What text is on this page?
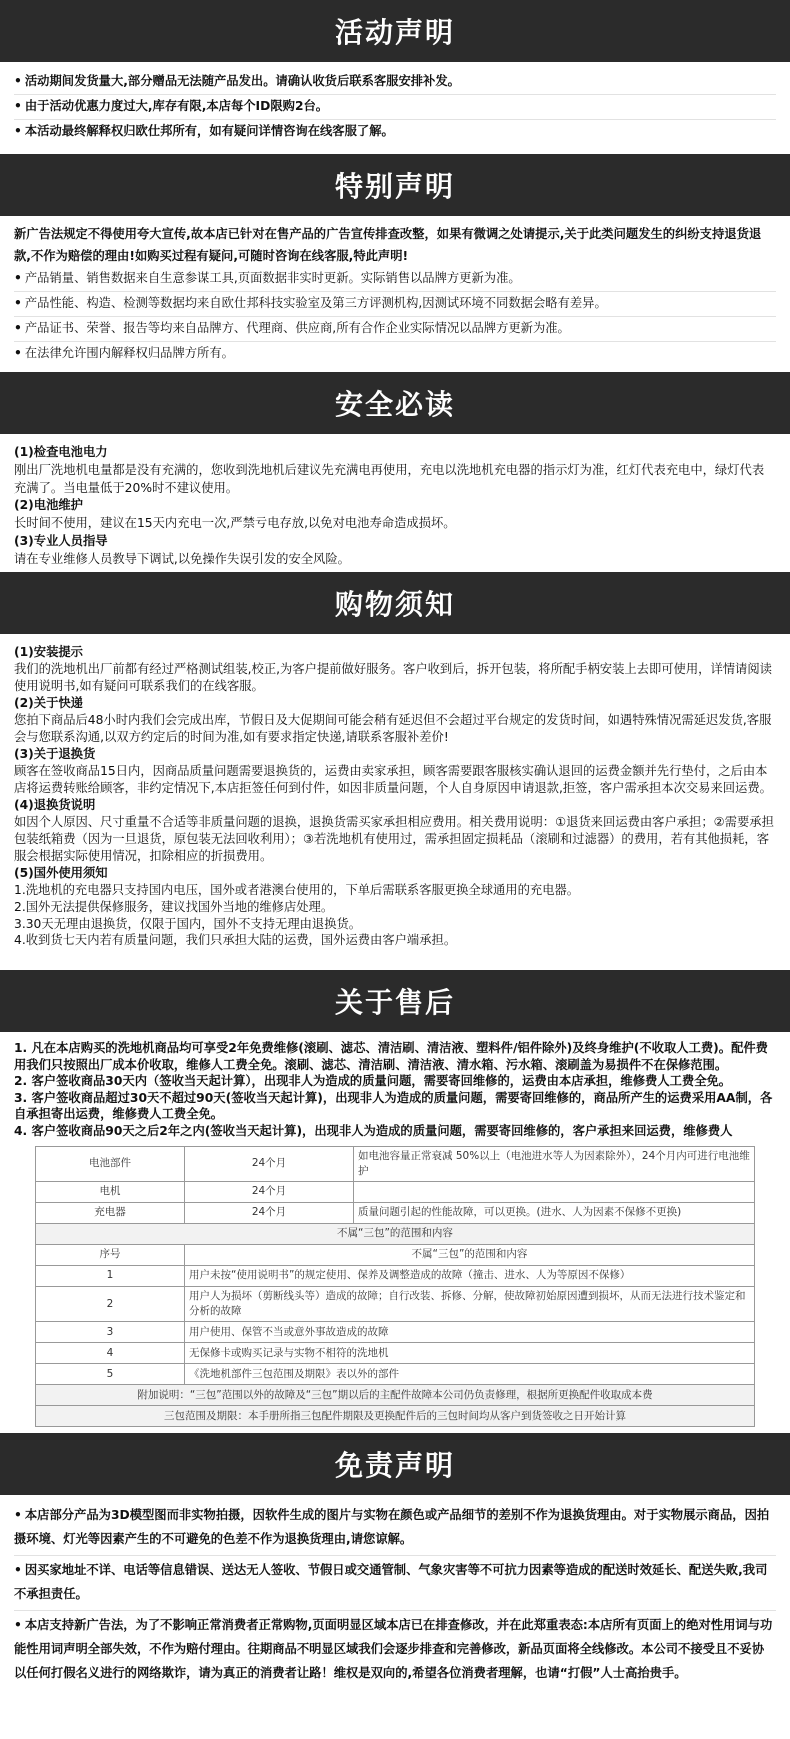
活动声明
• 活动期间发货量大,部分赠品无法随产品发出。请确认收货后联系客服安排补发。
• 由于活动优惠力度过大,库存有限,本店每个ID限购2台。
• 本活动最终解释权归欧仕邦所有，如有疑问详情咨询在线客服了解。
特别声明
新广告法规定不得使用夸大宣传,故本店已针对在售产品的广告宣传排查改整，如果有微调之处请提示,关于此类问题发生的纠纷支持退货退款,不作为赔偿的理由!如购买过程有疑问,可随时咨询在线客服,特此声明!
• 产品销量、销售数据来自生意参谋工具,页面数据非实时更新。实际销售以品牌方更新为准。
• 产品性能、构造、检测等数据均来自欧仕邦科技实验室及第三方评测机构,因测试环境不同数据会略有差异。
• 产品证书、荣誉、报告等均来自品牌方、代理商、供应商,所有合作企业实际情况以品牌方更新为准。
• 在法律允许围内解释权归品牌方所有。
安全必读

(1)检查电池电力

刚出厂洗地机电量都是没有充满的，您收到洗地机后建议先充满电再使用，充电以洗地机充电器的指示灯为准，红灯代表充电中，绿灯代表充满了。当电量低于20%时不建议使用。

(2)电池维护

长时间不使用，建议在15天内充电一次,严禁亏电存放,以免对电池寿命造成损坏。

(3)专业人员指导

请在专业维修人员教导下调试,以免操作失误引发的安全风险。

购物须知

(1)安装提示

我们的洗地机出厂前都有经过严格测试组装,校正,为客户提前做好服务。客户收到后，拆开包装，将所配手柄安装上去即可使用，详情请阅读使用说明书,如有疑问可联系我们的在线客服。

(2)关于快递

您拍下商品后48小时内我们会完成出库，节假日及大促期间可能会稍有延迟但不会超过平台规定的发货时间，如遇特殊情况需延迟发货,客服会与您联系沟通,以双方约定后的时间为准,如有要求指定快递,请联系客服补差价!

(3)关于退换货

顾客在签收商品15日内，因商品质量问题需要退换货的，运费由卖家承担，顾客需要跟客服核实确认退回的运费金额并先行垫付，之后由本店将运费转账给顾客，非约定情况下,本店拒签任何到付件，如因非质量问题，个人自身原因申请退款,拒签，客户需承担本次交易来回运费。

(4)退换货说明

如因个人原因、尺寸重量不合适等非质量问题的退换，退换货需买家承担相应费用。相关费用说明：①退货来回运费由客户承担；②需要承担包装纸箱费（因为一旦退货，原包装无法回收利用）；③若洗地机有使用过，需承担固定损耗品（滚刷和过滤器）的费用，若有其他损耗，客服会根据实际使用情况，扣除相应的折损费用。

(5)国外使用须知

1.洗地机的充电器只支持国内电压，国外或者港澳台使用的，下单后需联系客服更换全球通用的充电器。
2.国外无法提供保修服务，建议找国外当地的维修店处理。
3.30天无理由退换货，仅限于国内，国外不支持无理由退换货。
4.收到货七天内若有质量问题，我们只承担大陆的运费，国外运费由客户端承担。

关于售后
1. 凡在本店购买的洗地机商品均可享受2年免费维修(滚刷、滤芯、清洁刷、清洁液、塑料件/铝件除外)及终身维护(不收取人工费)。配件费用我们只按照出厂成本价收取，维修人工费全免。滚刷、滤芯、清洁刷、清洁液、清水箱、污水箱、滚刷盖为易损件不在保修范围。
2. 客户签收商品30天内（签收当天起计算），出现非人为造成的质量问题，需要寄回维修的，运费由本店承担，维修费人工费全免。
3. 客户签收商品超过30天不超过90天(签收当天起计算)，出现非人为造成的质量问题，需要寄回维修的，商品所产生的运费采用AA制，各自承担寄出运费，维修费人工费全免。
4. 客户签收商品90天之后2年之内(签收当天起计算)，出现非人为造成的质量问题，需要寄回维修的，客户承担来回运费，维修费人
电池部件	24个月	如电池容量正常衰减 50%以上（电池进水等人为因素除外），24个月内可进行电池维护
电机	24个月	
充电器	24个月	质量问题引起的性能故障，可以更换。(进水、人为因素不保修不更换)
不属“三包”的范围和内容		
序号	不属“三包”的范围和内容	
1	用户未按“使用说明书”的规定使用、保养及调整造成的故障（撞击、进水、人为等原因不保修）	
2	用户人为损坏（剪断线头等）造成的故障；自行改装、拆修、分解，使故障初始原因遭到损坏，从而无法进行技术鉴定和分析的故障	
3	用户使用、保管不当或意外事故造成的故障	
4	无保修卡或购买记录与实物不相符的洗地机	
5	《洗地机部件三包范围及期限》表以外的部件	
附加说明：“三包”范围以外的故障及“三包”期以后的主配件故障本公司仍负责修理，根据所更换配件收取成本费		
三包范围及期限：本手册所指三包配件期限及更换配件后的三包时间均从客户到货签收之日开始计算		
免责声明
• 本店部分产品为3D模型图而非实物拍摄，因软件生成的图片与实物在颜色或产品细节的差别不作为退换货理由。对于实物展示商品，因拍摄环境、灯光等因素产生的不可避免的色差不作为退换货理由,请您谅解。
• 因买家地址不详、电话等信息错误、送达无人签收、节假日或交通管制、气象灾害等不可抗力因素等造成的配送时效延长、配送失败,我司不承担责任。
• 本店支持新广告法，为了不影响正常消费者正常购物,页面明显区域本店已在排查修改，并在此郑重表态:本店所有页面上的绝对性用词与功能性用词声明全部失效，不作为赔付理由。往期商品不明显区域我们会逐步排查和完善修改，新品页面将全线修改。本公司不接受且不妥协以任何打假名义进行的网络欺诈，请为真正的消费者让路！维权是双向的,希望各位消费者理解，也请“打假”人士高抬贵手。
